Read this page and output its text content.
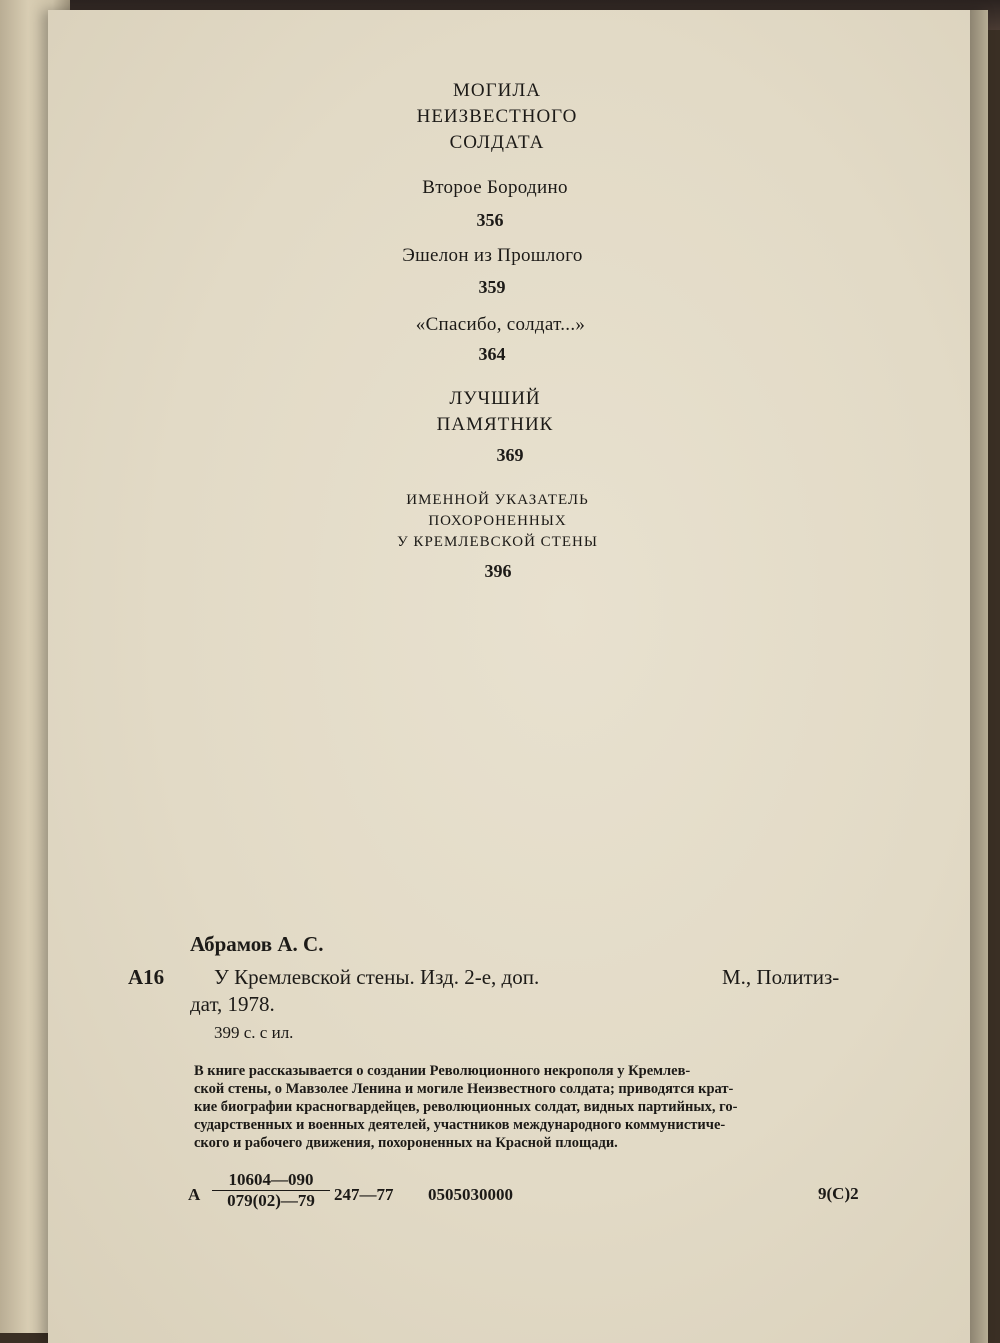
МОГИЛА
НЕИЗВЕСТНОГО
СОЛДАТА
Второе Бородино
356
Эшелон из Прошлого
359
«Спасибо, солдат...»
364
ЛУЧШИЙ
ПАМЯТНИК
369
ИМЕННОЙ УКАЗАТЕЛЬ
ПОХОРОНЕННЫХ
У КРЕМЛЕВСКОЙ СТЕНЫ
396
Абрамов А. С.
А16 У Кремлевской стены. Изд. 2-е, доп.	М., Политиз-
дат, 1978.
399 с. с ил.
В книге рассказывается о создании Революционного некрополя у Кремлев-
ской стены, о Мавзолее Ленина и могиле Неизвестного солдата; приводятся крат-
кие биографии красногвардейцев, революционных солдат, видных партийных, го-
сударственных и военных деятелей, участников международного коммунистиче-
ского и рабочего движения, похороненных на Красной площади.
А
10604—090
079(02)—79	247—77 0505030000	9(С)2
